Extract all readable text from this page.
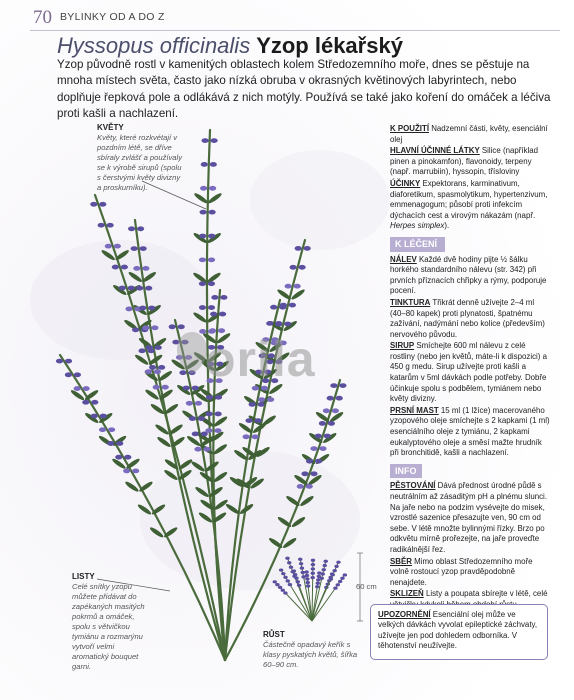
70 BYLINKY OD A DO Z
Hyssopus officinalis Yzop lékařský
Yzop původně rostl v kamenitých oblastech kolem Středozemního moře, dnes se pěstuje na mnoha místech světa, často jako nízká obruba v okrasných květinových labyrintech, nebo doplňuje řepková pole a odlákává z nich motýly. Používá se také jako koření do omáček a léčiva proti kašli a nachlazení.
KVĚTY
Květy, které rozkvétají v pozdním létě, se dříve sbíraly zvlášť a používaly se k výrobě sirupů (spolu s čerstvými květy divizny a proskurníku).
LISTY
Celé snítky yzopu můžete přidávat do zapékaných masitých pokrmů a omáček, spolu s větvičkou tymiánu a rozmarýnu vytvoří velmi aromatický bouquet garni.
60 cm
RŮST
Částečně opadavý keřík s klasy pyskatých květů, šířka 60–90 cm.
orila

K POUŽITÍ Nadzemní části, květy, esenciální olej

HLAVNÍ ÚČINNÉ LÁTKY Silice (například pinen a pinokamfon), flavonoidy, terpeny (např. marrubiin), hyssopin, třísloviny

ÚČINKY Expektorans, karminativum, diaforetikum, spasmolytikum, hypertenzivum, emmenagogum; působí proti infekcím dýchacích cest a virovým nákazám (např. Herpes simplex).

K LÉČENÍ

NÁLEV Každé dvě hodiny pijte ½ šálku horkého standardního nálevu (str. 342) při prvních příznacích chřipky a rýmy, podporuje pocení.

TINKTURA Třikrát denně užívejte 2–4 ml (40–80 kapek) proti plynatosti, špatnému zažívání, nadýmání nebo kolice (především) nervového původu.

SIRUP Smíchejte 600 ml nálevu z celé rostliny (nebo jen květů, máte-li k dispozici) a 450 g medu. Sirup užívejte proti kašli a katarům v 5ml dávkách podle potřeby. Dobře účinkuje spolu s podbělem, tymiánem nebo květy divizny.

PRSNÍ MAST 15 ml (1 lžíce) macerovaného yzopového oleje smíchejte s 2 kapkami (1 ml) esenciálního oleje z tymiánu, 2 kapkami eukalyptového oleje a směsí mažte hrudník při bronchitidě, kašli a nachlazení.

INFO

PĚSTOVÁNÍ Dává přednost úrodné půdě s neutrálním až zásaditým pH a plnému slunci. Na jaře nebo na podzim vysévejte do misek, vzrostlé sazenice přesazujte ven, 90 cm od sebe. V létě množte bylinnými řízky. Brzo po odkvětu mírně prořezejte, na jaře proveďte radikálnější řez.

SBĚR Mimo oblast Středozemního moře volně rostoucí yzop pravděpodobně nenajdete.

SKLIZEŇ Listy a poupata sbírejte v létě, celé

UPOZORNĚNÍ Esenciální olej může ve velkých dávkách vyvolat epileptické záchvaty, užívejte jen pod dohledem odborníka. V těhotenství neužívejte.
